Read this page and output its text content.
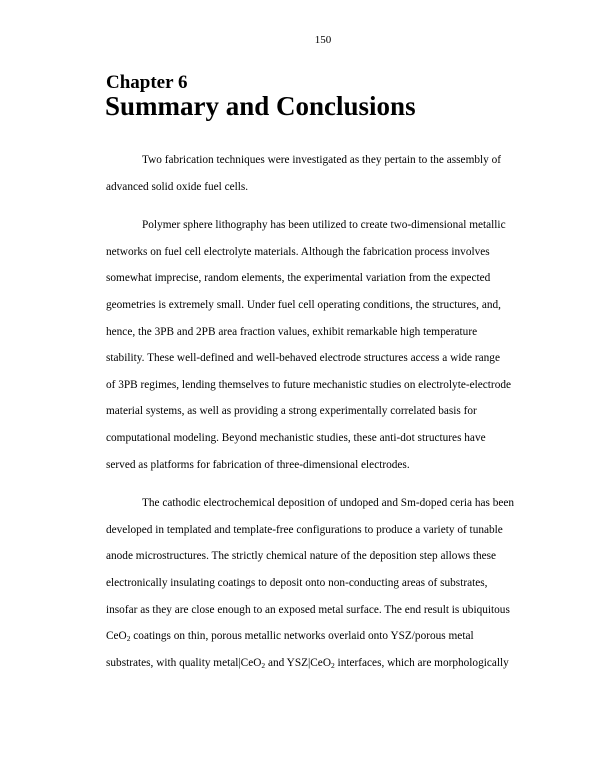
150
Chapter 6
Summary and Conclusions
Two fabrication techniques were investigated as they pertain to the assembly of
advanced solid oxide fuel cells.
Polymer sphere lithography has been utilized to create two-dimensional metallic
networks on fuel cell electrolyte materials. Although the fabrication process involves
somewhat imprecise, random elements, the experimental variation from the expected
geometries is extremely small. Under fuel cell operating conditions, the structures, and,
hence, the 3PB and 2PB area fraction values, exhibit remarkable high temperature
stability. These well-defined and well-behaved electrode structures access a wide range
of 3PB regimes, lending themselves to future mechanistic studies on electrolyte-electrode
material systems, as well as providing a strong experimentally correlated basis for
computational modeling. Beyond mechanistic studies, these anti-dot structures have
served as platforms for fabrication of three-dimensional electrodes.
The cathodic electrochemical deposition of undoped and Sm-doped ceria has been
developed in templated and template-free configurations to produce a variety of tunable
anode microstructures. The strictly chemical nature of the deposition step allows these
electronically insulating coatings to deposit onto non-conducting areas of substrates,
insofar as they are close enough to an exposed metal surface. The end result is ubiquitous
CeO$_2$ coatings on thin, porous metallic networks overlaid onto YSZ/porous metal
substrates, with quality metal|CeO$_2$ and YSZ|CeO$_2$ interfaces, which are morphologically
